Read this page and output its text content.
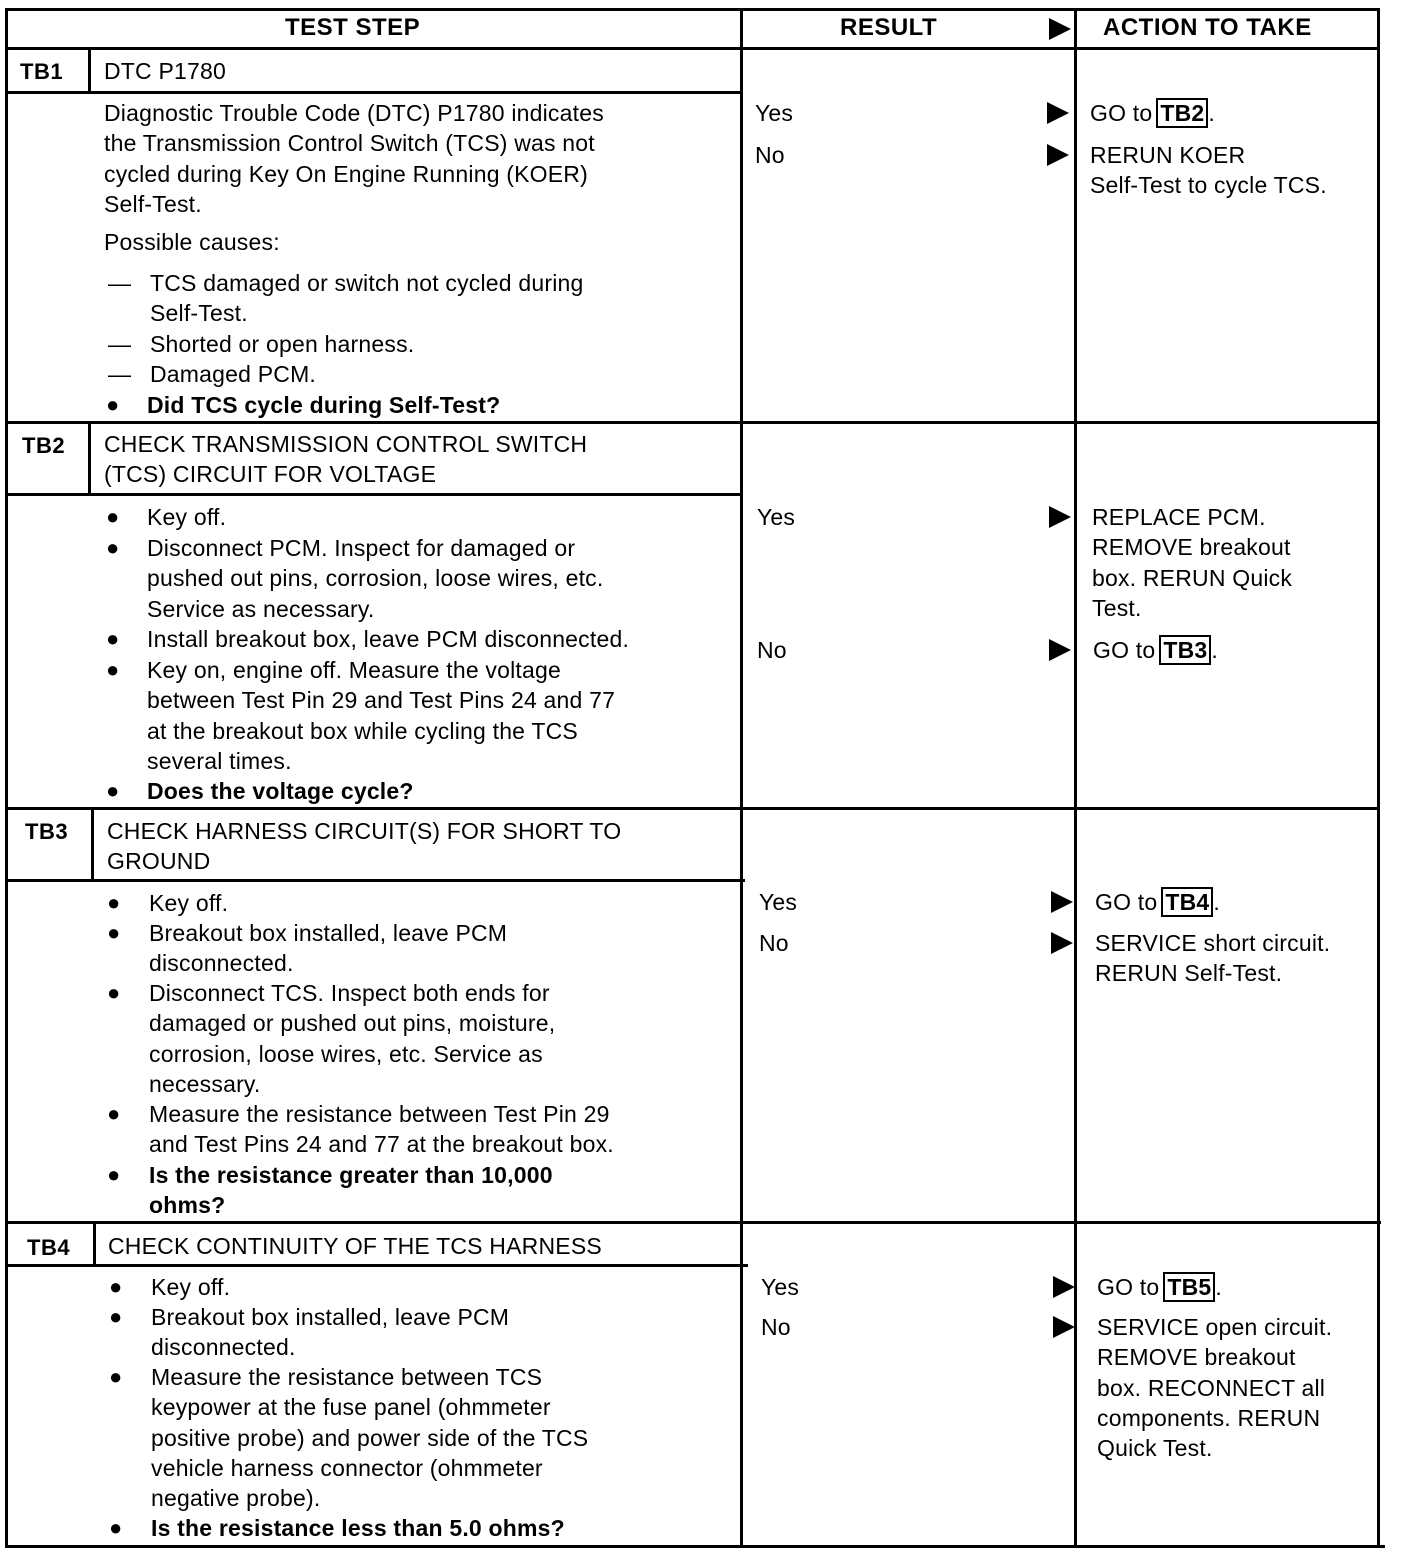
TEST STEP	RESULT	ACTION TO TAKE
TB1 DTC P1780
Diagnostic Trouble Code (DTC) P1780 indicates
the Transmission Control Switch (TCS) was not
cycled during Key On Engine Running (KOER)
Self-Test.
Possible causes:
— TCS damaged or switch not cycled during
Self-Test.
— Shorted or open harness.
— Damaged PCM.
● Did TCS cycle during Self-Test?
Yes
No
GO to TB2 .
RERUN KOER
Self-Test to cycle TCS.
TB2 CHECK TRANSMISSION CONTROL SWITCH
(TCS) CIRCUIT FOR VOLTAGE
● Key off.
● Disconnect PCM. Inspect for damaged or
pushed out pins, corrosion, loose wires, etc.
Service as necessary.
● Install breakout box, leave PCM disconnected.
● Key on, engine off. Measure the voltage
between Test Pin 29 and Test Pins 24 and 77
at the breakout box while cycling the TCS
several times.
● Does the voltage cycle?
Yes
No
REPLACE PCM.
REMOVE breakout
box. RERUN Quick
Test.
GO to TB3 .
TB3 CHECK HARNESS CIRCUIT(S) FOR SHORT TO
GROUND
● Key off.
● Breakout box installed, leave PCM
disconnected.
● Disconnect TCS. Inspect both ends for
damaged or pushed out pins, moisture,
corrosion, loose wires, etc. Service as
necessary.
● Measure the resistance between Test Pin 29
and Test Pins 24 and 77 at the breakout box.
● Is the resistance greater than 10,000
ohms?
Yes
No
GO to TB4 .
SERVICE short circuit.
RERUN Self-Test.
TB4 CHECK CONTINUITY OF THE TCS HARNESS
● Key off.
● Breakout box installed, leave PCM
disconnected.
● Measure the resistance between TCS
keypower at the fuse panel (ohmmeter
positive probe) and power side of the TCS
vehicle harness connector (ohmmeter
negative probe).
● Is the resistance less than 5.0 ohms?
Yes
No
GO to TB5 .
SERVICE open circuit.
REMOVE breakout
box. RECONNECT all
components. RERUN
Quick Test.
